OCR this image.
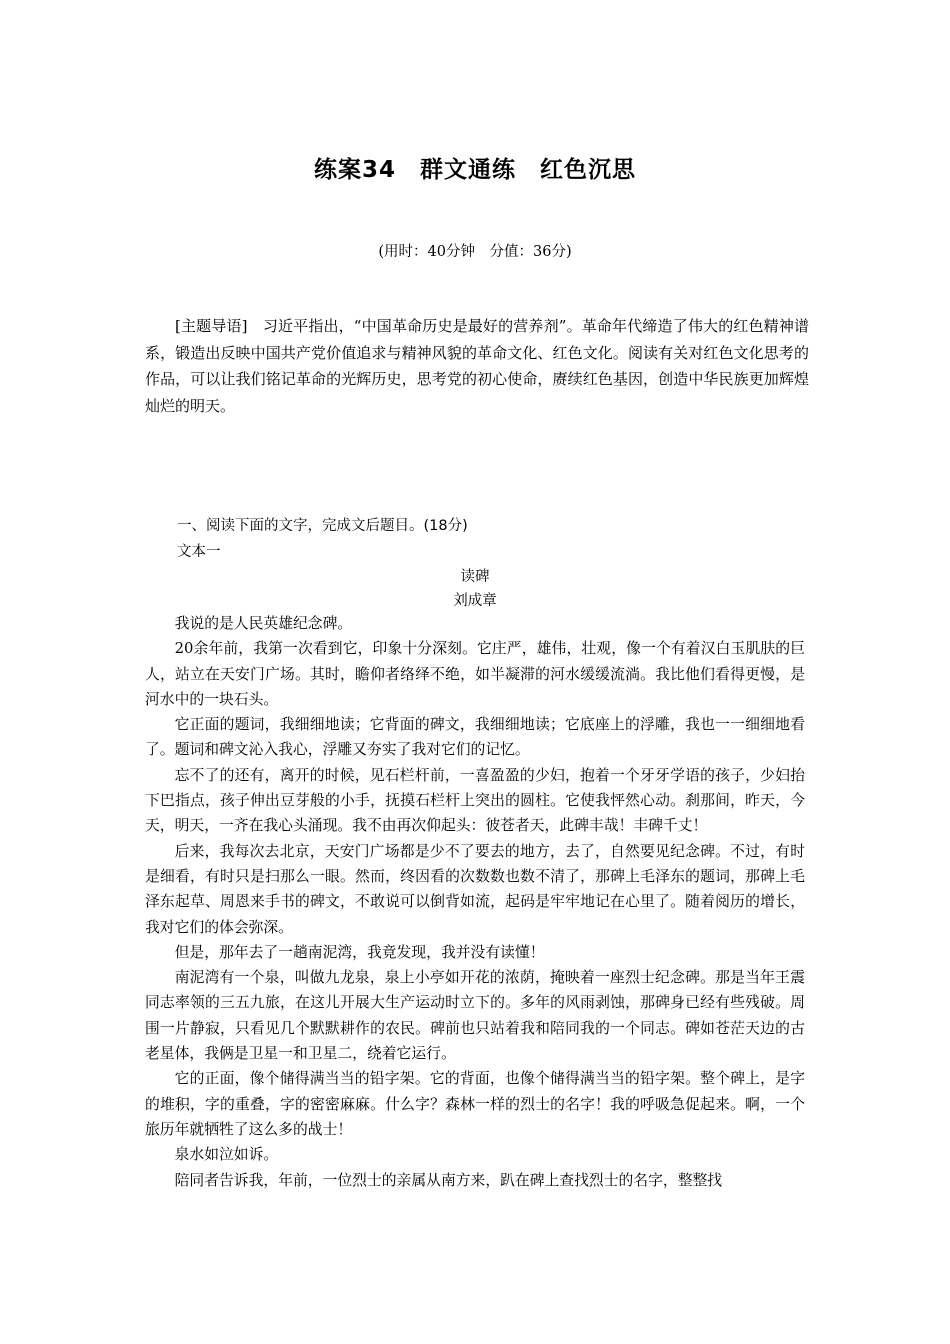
练案34　群文通练　红色沉思
(用时：40分钟　分值：36分)

[主题导语]　习近平指出，“中国革命历史是最好的营养剂”。革命年代缔造了伟大的红色精神谱系，锻造出反映中国共产党价值追求与精神风貌的革命文化、红色文化。阅读有关对红色文化思考的作品，可以让我们铭记革命的光辉历史，思考党的初心使命，赓续红色基因，创造中华民族更加辉煌灿烂的明天。

一、阅读下面的文字，完成文后题目。(18分)
文本一
读碑
刘成章

我说的是人民英雄纪念碑。

20余年前，我第一次看到它，印象十分深刻。它庄严，雄伟，壮观，像一个有着汉白玉肌肤的巨人，站立在天安门广场。其时，瞻仰者络绎不绝，如半凝滞的河水缓缓流淌。我比他们看得更慢，是河水中的一块石头。

它正面的题词，我细细地读；它背面的碑文，我细细地读；它底座上的浮雕，我也一一细细地看了。题词和碑文沁入我心，浮雕又夯实了我对它们的记忆。

忘不了的还有，离开的时候，见石栏杆前，一喜盈盈的少妇，抱着一个牙牙学语的孩子，少妇抬下巴指点，孩子伸出豆芽般的小手，抚摸石栏杆上突出的圆柱。它使我怦然心动。刹那间，昨天，今天，明天，一齐在我心头涌现。我不由再次仰起头：彼苍者天，此碑丰哉！丰碑千丈！

后来，我每次去北京，天安门广场都是少不了要去的地方，去了，自然要见纪念碑。不过，有时是细看，有时只是扫那么一眼。然而，终因看的次数数也数不清了，那碑上毛泽东的题词，那碑上毛泽东起草、周恩来手书的碑文，不敢说可以倒背如流，起码是牢牢地记在心里了。随着阅历的增长，我对它们的体会弥深。

但是，那年去了一趟南泥湾，我竟发现，我并没有读懂！

南泥湾有一个泉，叫做九龙泉，泉上小亭如开花的浓荫，掩映着一座烈士纪念碑。那是当年王震同志率领的三五九旅，在这儿开展大生产运动时立下的。多年的风雨剥蚀，那碑身已经有些残破。周围一片静寂，只看见几个默默耕作的农民。碑前也只站着我和陪同我的一个同志。碑如苍茫天边的古老星体，我俩是卫星一和卫星二，绕着它运行。

它的正面，像个储得满当当的铅字架。它的背面，也像个储得满当当的铅字架。整个碑上，是字的堆积，字的重叠，字的密密麻麻。什么字？森林一样的烈士的名字！我的呼吸急促起来。啊，一个旅历年就牺牲了这么多的战士！

泉水如泣如诉。

陪同者告诉我，年前，一位烈士的亲属从南方来，趴在碑上查找烈士的名字，整整找
